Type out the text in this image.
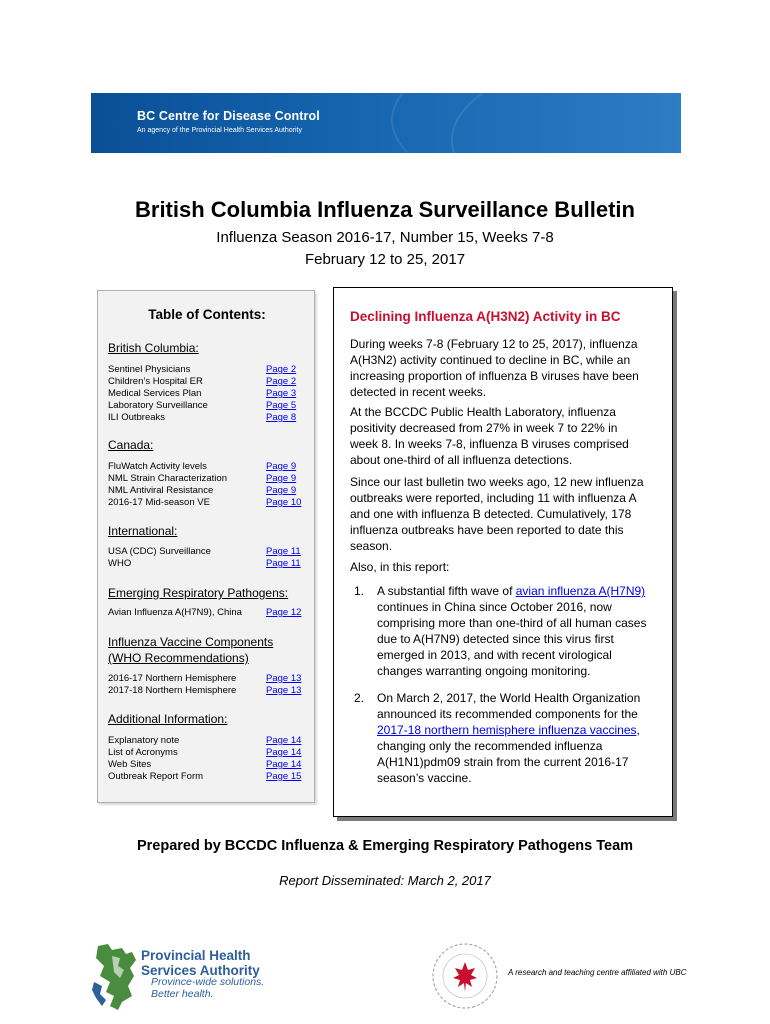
BC Centre for Disease Control
An agency of the Provincial Health Services Authority
British Columbia Influenza Surveillance Bulletin
Influenza Season 2016-17, Number 15, Weeks 7-8
February 12 to 25, 2017
Table of Contents:
British Columbia:
Sentinel Physicians	Page 2
Children’s Hospital ER	Page 2
Medical Services Plan	Page 3
Laboratory Surveillance	Page 5
ILI Outbreaks	Page 8
Canada:
FluWatch Activity levels	Page 9
NML Strain Characterization	Page 9
NML Antiviral Resistance	Page 9
2016-17 Mid-season VE	Page 10
International:
USA (CDC) Surveillance	Page 11
WHO	Page 11
Emerging Respiratory Pathogens:
Avian Influenza A(H7N9), China	Page 12
Influenza Vaccine Components
(WHO Recommendations)
2016-17 Northern Hemisphere	Page 13
2017-18 Northern Hemisphere	Page 13
Additional Information:
Explanatory note	Page 14
List of Acronyms	Page 14
Web Sites	Page 14
Outbreak Report Form	Page 15
Declining Influenza A(H3N2) Activity in BC
During weeks 7-8 (February 12 to 25, 2017), influenza
A(H3N2) activity continued to decline in BC, while an
increasing proportion of influenza B viruses have been
detected in recent weeks.
At the BCCDC Public Health Laboratory, influenza
positivity decreased from 27% in week 7 to 22% in
week 8. In weeks 7-8, influenza B viruses comprised
about one-third of all influenza detections.
Since our last bulletin two weeks ago, 12 new influenza
outbreaks were reported, including 11 with influenza A
and one with influenza B detected. Cumulatively, 178
influenza outbreaks have been reported to date this
season.
Also, in this report:
1. A substantial fifth wave of avian influenza A(H7N9)
continues in China since October 2016, now
comprising more than one-third of all human cases
due to A(H7N9) detected since this virus first
emerged in 2013, and with recent virological
changes warranting ongoing monitoring.
2. On March 2, 2017, the World Health Organization
announced its recommended components for the
2017-18 northern hemisphere influenza vaccines,
changing only the recommended influenza
A(H1N1)pdm09 strain from the current 2016-17
season’s vaccine.
Prepared by BCCDC Influenza & Emerging Respiratory Pathogens Team
Report Disseminated: March 2, 2017
Provincial Health
Services Authority
Province-wide solutions.
Better health.
A research and teaching centre affiliated with UBC
